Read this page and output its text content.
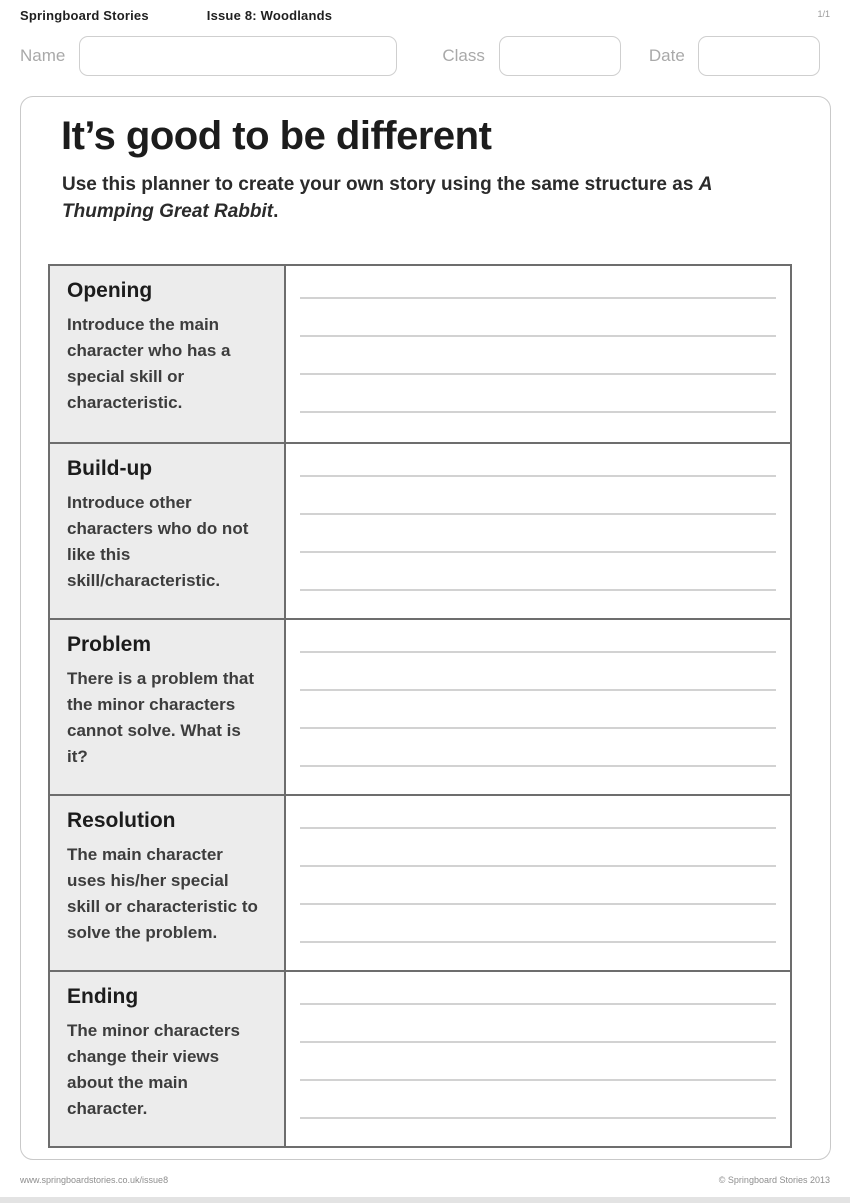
Springboard Stories	Issue 8: Woodlands	1/1
Name	Class	Date
It’s good to be different
Use this planner to create your own story using the same structure as A Thumping Great Rabbit.
Opening
Introduce the main character who has a special skill or characteristic.
Build-up
Introduce other characters who do not like this skill/characteristic.
Problem
There is a problem that the minor characters cannot solve. What is it?
Resolution
The main character uses his/her special skill or characteristic to solve the problem.
Ending
The minor characters change their views about the main character.
www.springboardstories.co.uk/issue8	© Springboard Stories 2013
